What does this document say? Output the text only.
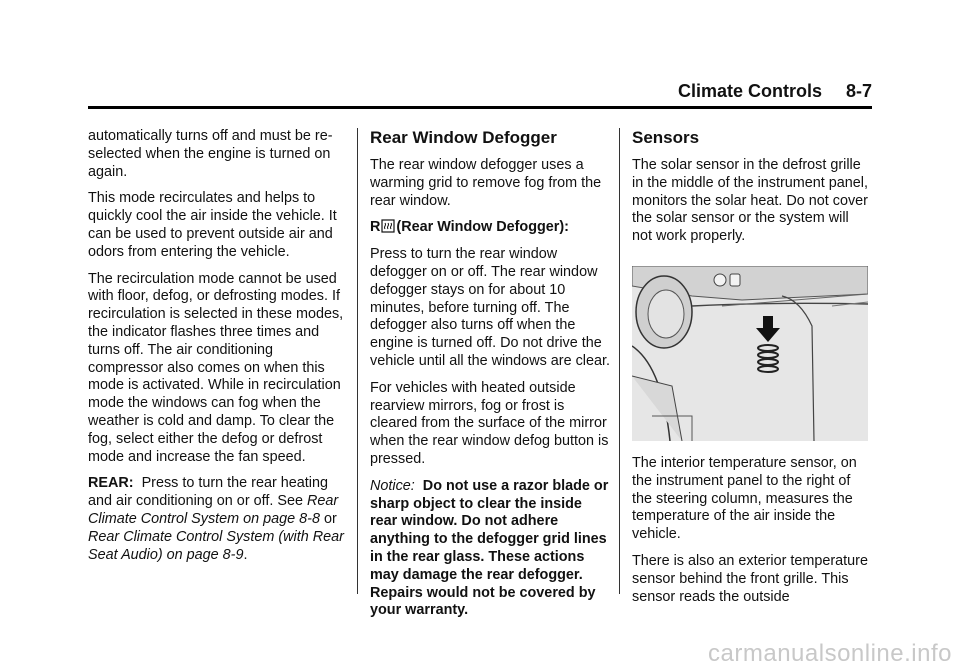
Climate Controls 8-7

automatically turns off and must be re-selected when the engine is turned on again.

This mode recirculates and helps to quickly cool the air inside the vehicle. It can be used to prevent outside air and odors from entering the vehicle.

The recirculation mode cannot be used with floor, defog, or defrosting modes. If recirculation is selected in these modes, the indicator flashes three times and turns off. The air conditioning compressor also comes on when this mode is activated. While in recirculation mode the windows can fog when the weather is cold and damp. To clear the fog, select either the defog or defrost mode and increase the fan speed.

REAR: Press to turn the rear heating and air conditioning on or off. See Rear Climate Control System on page 8‑8 or Rear Climate Control System (with Rear Seat Audio) on page 8‑9.

Rear Window Defogger

The rear window defogger uses a warming grid to remove fog from the rear window.

R (Rear Window Defogger):

Press to turn the rear window defogger on or off. The rear window defogger stays on for about 10 minutes, before turning off. The defogger also turns off when the engine is turned off. Do not drive the vehicle until all the windows are clear.

For vehicles with heated outside rearview mirrors, fog or frost is cleared from the surface of the mirror when the rear window defog button is pressed.

Notice: Do not use a razor blade or sharp object to clear the inside rear window. Do not adhere anything to the defogger grid lines in the rear glass. These actions may damage the rear defogger. Repairs would not be covered by your warranty.

Sensors

The solar sensor in the defrost grille in the middle of the instrument panel, monitors the solar heat. Do not cover the solar sensor or the system will not work properly.

The interior temperature sensor, on the instrument panel to the right of the steering column, measures the temperature of the air inside the vehicle.

There is also an exterior temperature sensor behind the front grille. This sensor reads the outside

carmanualsonline.info
